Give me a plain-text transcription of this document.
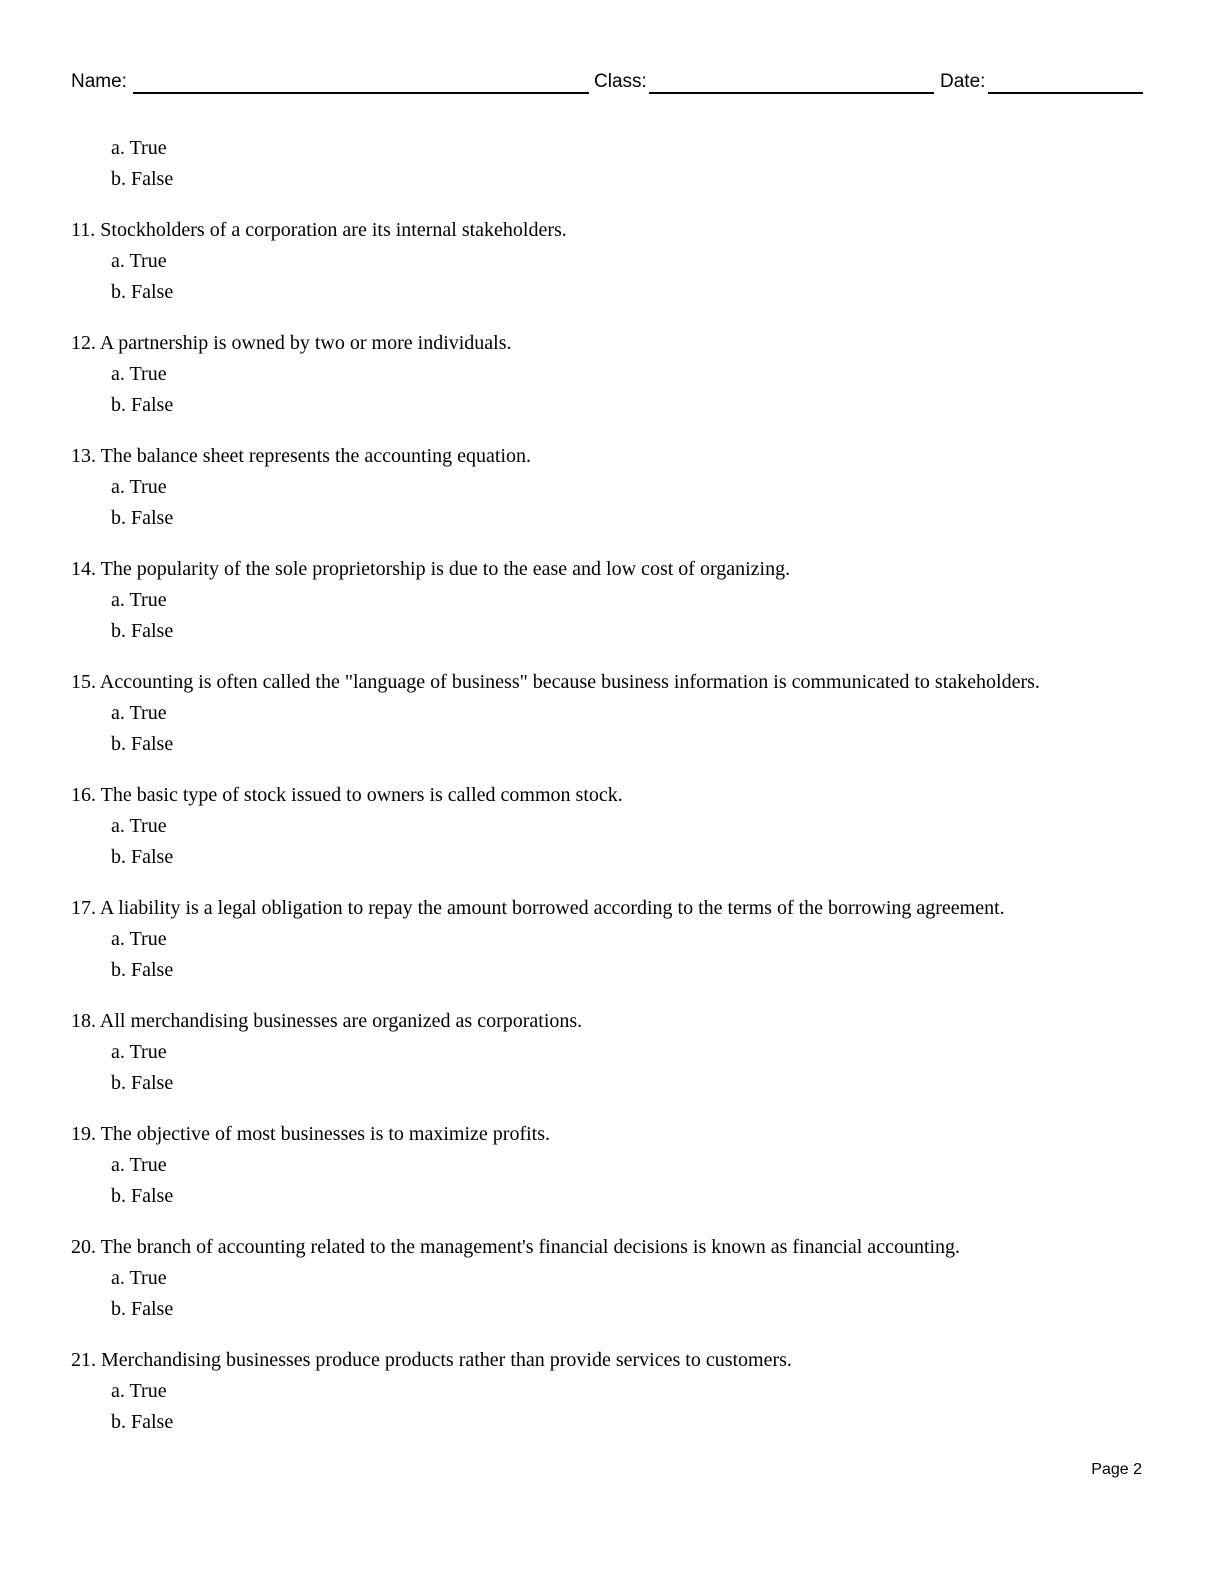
Name:	Class:	Date:
a. True
b. False
11. Stockholders of a corporation are its internal stakeholders.
a. True
b. False
12. A partnership is owned by two or more individuals.
a. True
b. False
13. The balance sheet represents the accounting equation.
a. True
b. False
14. The popularity of the sole proprietorship is due to the ease and low cost of organizing.
a. True
b. False
15. Accounting is often called the "language of business" because business information is communicated to stakeholders.
a. True
b. False
16. The basic type of stock issued to owners is called common stock.
a. True
b. False
17. A liability is a legal obligation to repay the amount borrowed according to the terms of the borrowing agreement.
a. True
b. False
18. All merchandising businesses are organized as corporations.
a. True
b. False
19. The objective of most businesses is to maximize profits.
a. True
b. False
20. The branch of accounting related to the management's financial decisions is known as financial accounting.
a. True
b. False
21. Merchandising businesses produce products rather than provide services to customers.
a. True
b. False
Page 2
